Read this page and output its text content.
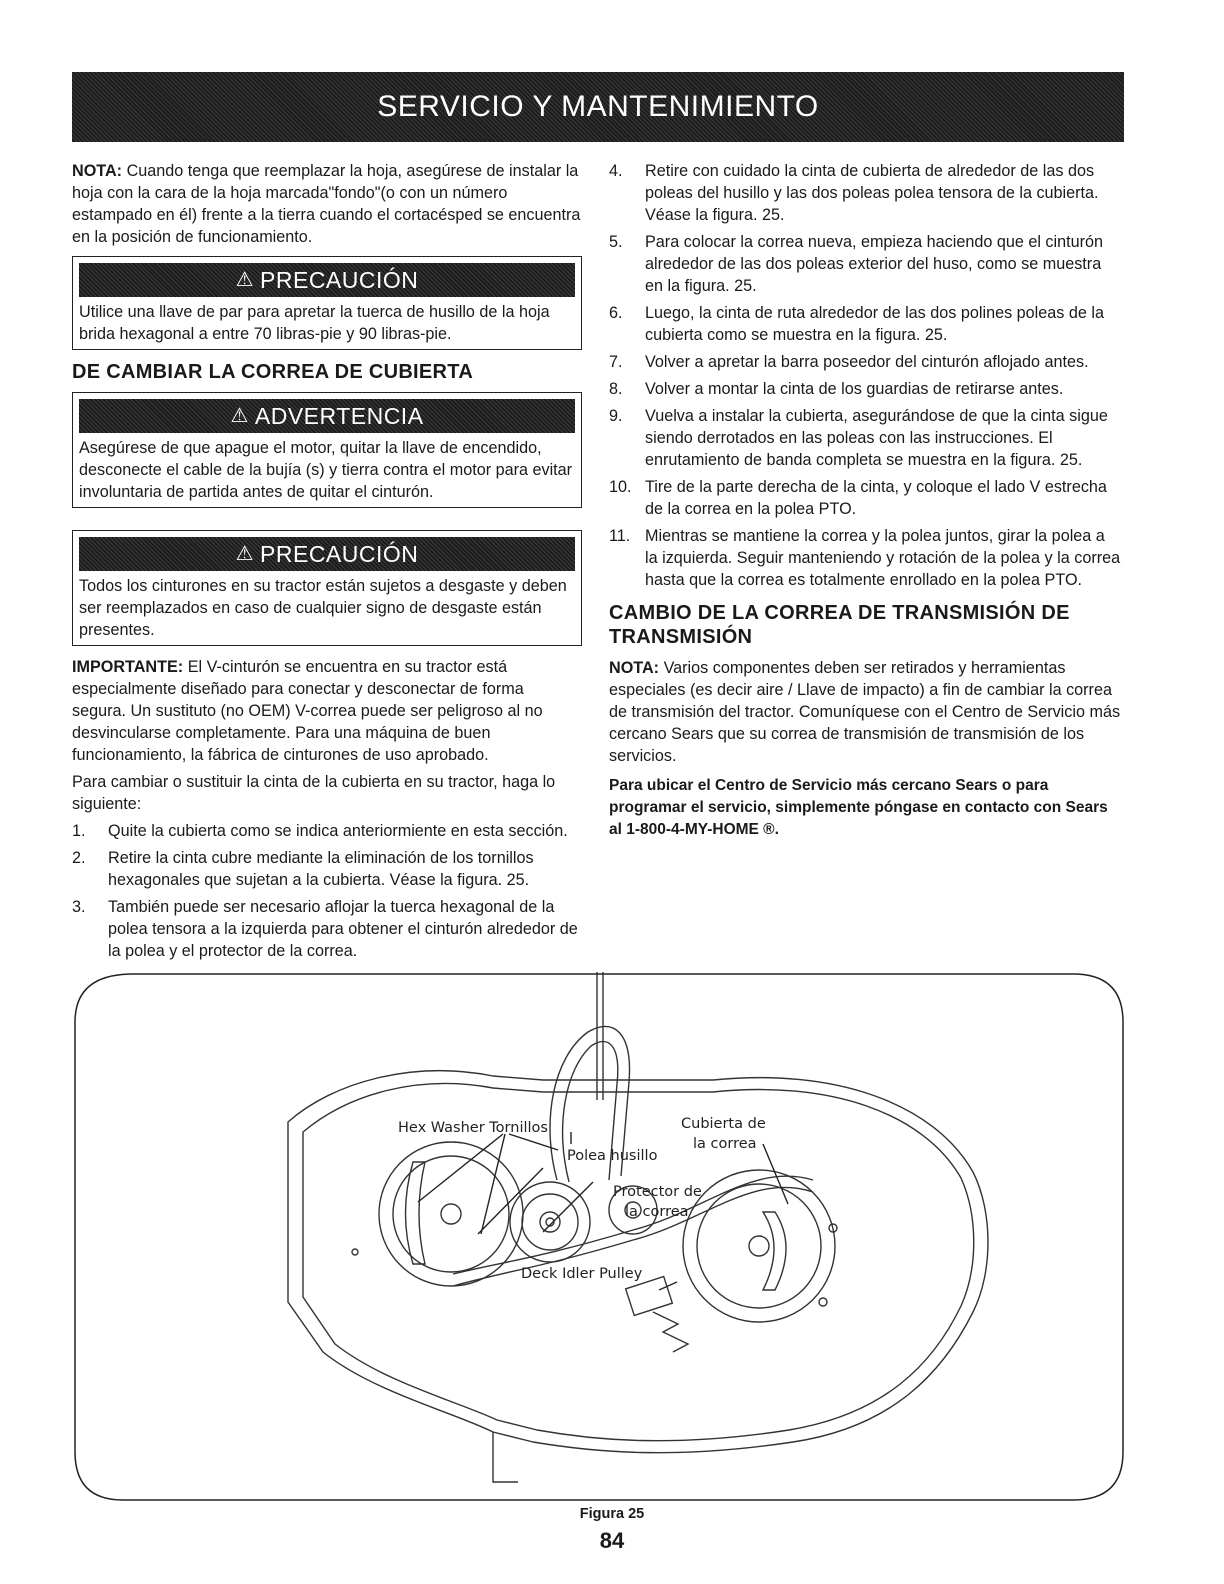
SERVICIO Y MANTENIMIENTO

NOTA: Cuando tenga que reemplazar la hoja, asegúrese de instalar la hoja con la cara de la hoja marcada"fondo"(o con un número estampado en él) frente a la tierra cuando el cortacésped se encuentra en la posición de funcionamiento.

⚠ PRECAUCIÓN
Utilice una llave de par para apretar la tuerca de husillo de la hoja brida hexagonal a entre 70 libras-pie y 90 libras-pie.
DE CAMBIAR LA CORREA DE CUBIERTA
⚠ ADVERTENCIA
Asegúrese de que apague el motor, quitar la llave de encendido, desconecte el cable de la bujía (s) y tierra contra el motor para evitar involuntaria de partida antes de quitar el cinturón.
⚠ PRECAUCIÓN
Todos los cinturones en su tractor están sujetos a desgaste y deben ser reemplazados en caso de cualquier signo de desgaste están presentes.

IMPORTANTE: El V-cinturón se encuentra en su tractor está especialmente diseñado para conectar y desconectar de forma segura. Un sustituto (no OEM) V-correa puede ser peligroso al no desvincularse completamente. Para una máquina de buen funcionamiento, la fábrica de cinturones de uso aprobado.

Para cambiar o sustituir la cinta de la cubierta en su tractor, haga lo siguiente:

1.	Quite la cubierta como se indica anteriormiente en esta sección.
2.	Retire la cinta cubre mediante la eliminación de los tornillos hexagonales que sujetan a la cubierta. Véase la figura. 25.
3.	También puede ser necesario aflojar la tuerca hexagonal de la polea tensora a la izquierda para obtener el cinturón alrededor de la polea y el protector de la correa.
4.	Retire con cuidado la cinta de cubierta de alrededor de las dos poleas del husillo y las dos poleas polea tensora de la cubierta. Véase la figura. 25.
5.	Para colocar la correa nueva, empieza haciendo que el cinturón alrededor de las dos poleas exterior del huso, como se muestra en la figura. 25.
6.	Luego, la cinta de ruta alrededor de las dos polines poleas de la cubierta como se muestra en la figura. 25.
7.	Volver a apretar la barra poseedor del cinturón aflojado antes.
8.	Volver a montar la cinta de los guardias de retirarse antes.
9.	Vuelva a instalar la cubierta, asegurándose de que la cinta sigue siendo derrotados en las poleas con las instrucciones. El enrutamiento de banda completa se muestra en la figura. 25.
10. Tire de la parte derecha de la cinta, y coloque el lado V estrecha de la correa en la polea PTO.
11. Mientras se mantiene la correa y la polea juntos, girar la polea a la izquierda. Seguir manteniendo y rotación de la polea y la correa hasta que la correa es totalmente enrollado en la polea PTO.
CAMBIO DE LA CORREA DE TRANSMISIÓN DE TRANSMISIÓN

NOTA: Varios componentes deben ser retirados y herramientas especiales (es decir aire / Llave de impacto) a fin de cambiar la correa de transmisión del tractor. Comuníquese con el Centro de Servicio más cercano Sears que su correa de transmisión de transmisión de los servicios.

Para ubicar el Centro de Servicio más cercano Sears o para programar el servicio, simplemente póngase en contacto con Sears al 1-800-4-MY-HOME ®.

Hex Washer Tornillos	Cubierta de
la correa
Polea husillo
Protector de
la correa
Deck Idler Pulley
Figura 25
84
